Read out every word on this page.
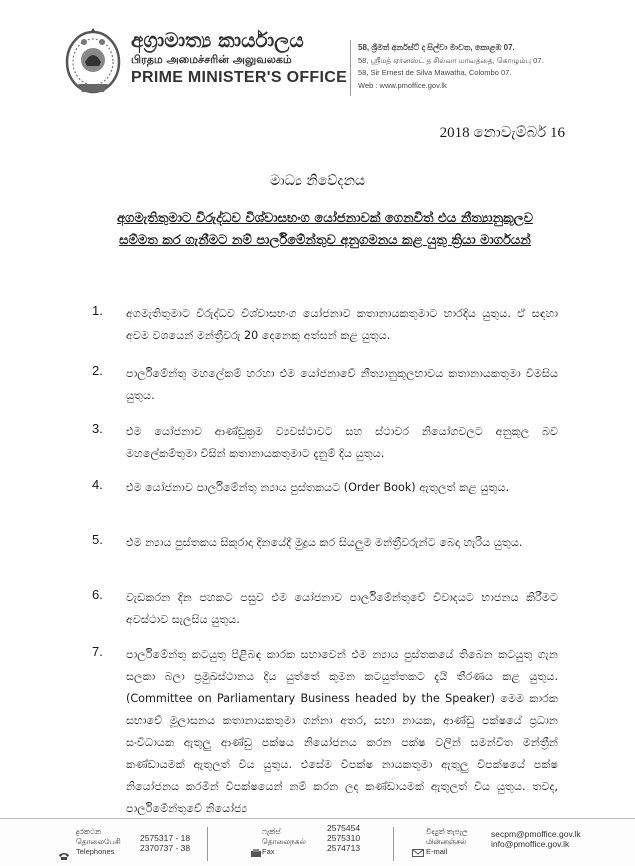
අග්‍රාමාත්‍ය කාර්යාලය
பிரதம அமைச்சரின் அலுவலகம்
PRIME MINISTER'S OFFICE
58, ශ්‍රීමත් අර්නස්ට් ද සිල්වා මාවත, කොළඹ 07.
58, ஸ்ரீமத் ஏர்னஸ்ட் த சில்வா மாவத்தை, கொழும்பு 07.
58, Sir Ernest de Silva Mawatha, Colombo 07.
Web : www.pmoffice.gov.lk
2018 නොවැම්බර් 16
මාධ්‍ය නිවේදනය
අගමැතිතුමාට විරුද්ධව විශ්වාසභංග යෝජනාවක් ගෙනවිත් එය නීත්‍යානුකූලව සම්මත කර ගැනීමට නම් පාර්ලිමේන්තුව අනුගමනය කළ යුතු ක්‍රියා මාර්ගයන්
1. අගමැතිතුමාට විරුද්ධව විශ්වාසභංග යෝජනාව කතානායකතුමාට භාරදිය යුතුය. ඒ සඳහා අවම වශයෙන් මන්ත්‍රීවරු 20 දෙනෙකු අත්සන් කළ යුතුය.
2. පාර්ලිමේන්තු මහලේකම් හරහා එම යෝජනාවේ නීත්‍යානුකූලභාවය කතානායකතුමා විමසිය යුතුය.
3. එම යෝජනාව ආණ්ඩුක්‍රම ව්‍යවස්ථාවට සහ ස්ථාවර නියෝගවලට අනුකූල බව මහලේකම්තුමා විසින් කතානායකතුමාට දැනුම් දිය යුතුය.
4. එම යෝජනාව පාර්ලිමේන්තු න්‍යාය පුස්තකයට (Order Book) ඇතුලත් කළ යුතුය.
5. එම න්‍යාය පුස්තකය සිකුරාදා දිනයේදී මුද්‍රය කර සියලුම මන්ත්‍රීවරුන්ට බෙදා හැරිය යුතුය.
6. වැඩකරන දින පහකට පසුව එම යෝජනාව පාර්ලිමේන්තුවේ විවාදයට භාජනය කිරීමට අවස්ථාව සැලසිය යුතුය.
7. පාර්ලිමේන්තු කටයුතු පිළිබඳ කාරක සභාවෙන් එම න්‍යාය පුස්තකයේ තිබෙන කටයුතු ගැන සලකා බලා ප්‍රමුඛස්ථානය දිය යුත්තේ කුමන කටයුත්තකට දැයි තීරණය කළ යුතුය. (Committee on Parliamentary Business headed by the Speaker) මෙම කාරක සභාවේ මූලාසනය කතානායකතුමා ගන්නා අතර, සභා නායක, ආණ්ඩු පක්ෂයේ ප්‍රධාන සංවිධායක ඇතුලු ආණ්ඩු පක්ෂය නියෝජනය කරන පක්ෂ වලින් සමන්විත මන්ත්‍රීන් කණ්ඩායමක් ඇතුලත් විය යුතුය. එසේම විපක්ෂ නායකතුමා ඇතුලු විපක්ෂයේ පක්ෂ නියෝජනය කරමින් විපක්ෂයෙන් නම් කරන ලද කණ්ඩායමක් ඇතුලත් විය යුතුය. තවද, පාර්ලිමේන්තුවේ නියෝජ්‍ය
දුරකථන
தொலைபேசி
Telephones
2575317 - 18
2370737 - 38
ෆැක්ස්
தொலைநகல்
Fax
2575454
2575310
2574713
විද්‍යුත් තැපැල
மின்னஞ்சல்
E-mail
secpm@pmoffice.gov.lk
info@pmoffice.gov.lk
